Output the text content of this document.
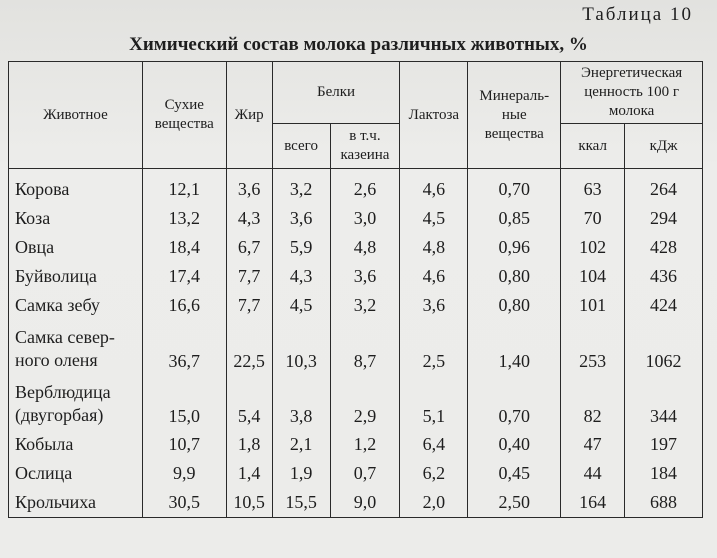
Таблица 10
Химический состав молока различных животных, %
Животное	Сухие вещества	Жир	Белки		Лактоза	Минераль-ные вещества	Энергетическая ценность 100 г молока	
			всего	в т.ч. казеина			ккал	кДж

Корова	12,1	3,6	3,2	2,6	4,6	0,70	63	264

Коза	13,2	4,3	3,6	3,0	4,5	0,85	70	294

Овца	18,4	6,7	5,9	4,8	4,8	0,96	102	428

Буйволица	17,4	7,7	4,3	3,6	4,6	0,80	104	436

Самка зебу	16,6	7,7	4,5	3,2	3,6	0,80	101	424

Самка север-
ного оленя	36,7	22,5	10,3	8,7	2,5	1,40	253	1062

Верблюдица
(двугорбая)	15,0	5,4	3,8	2,9	5,1	0,70	82	344

Кобыла	10,7	1,8	2,1	1,2	6,4	0,40	47	197

Ослица	9,9	1,4	1,9	0,7	6,2	0,45	44	184

Крольчиха	30,5	10,5	15,5	9,0	2,0	2,50	164	688
